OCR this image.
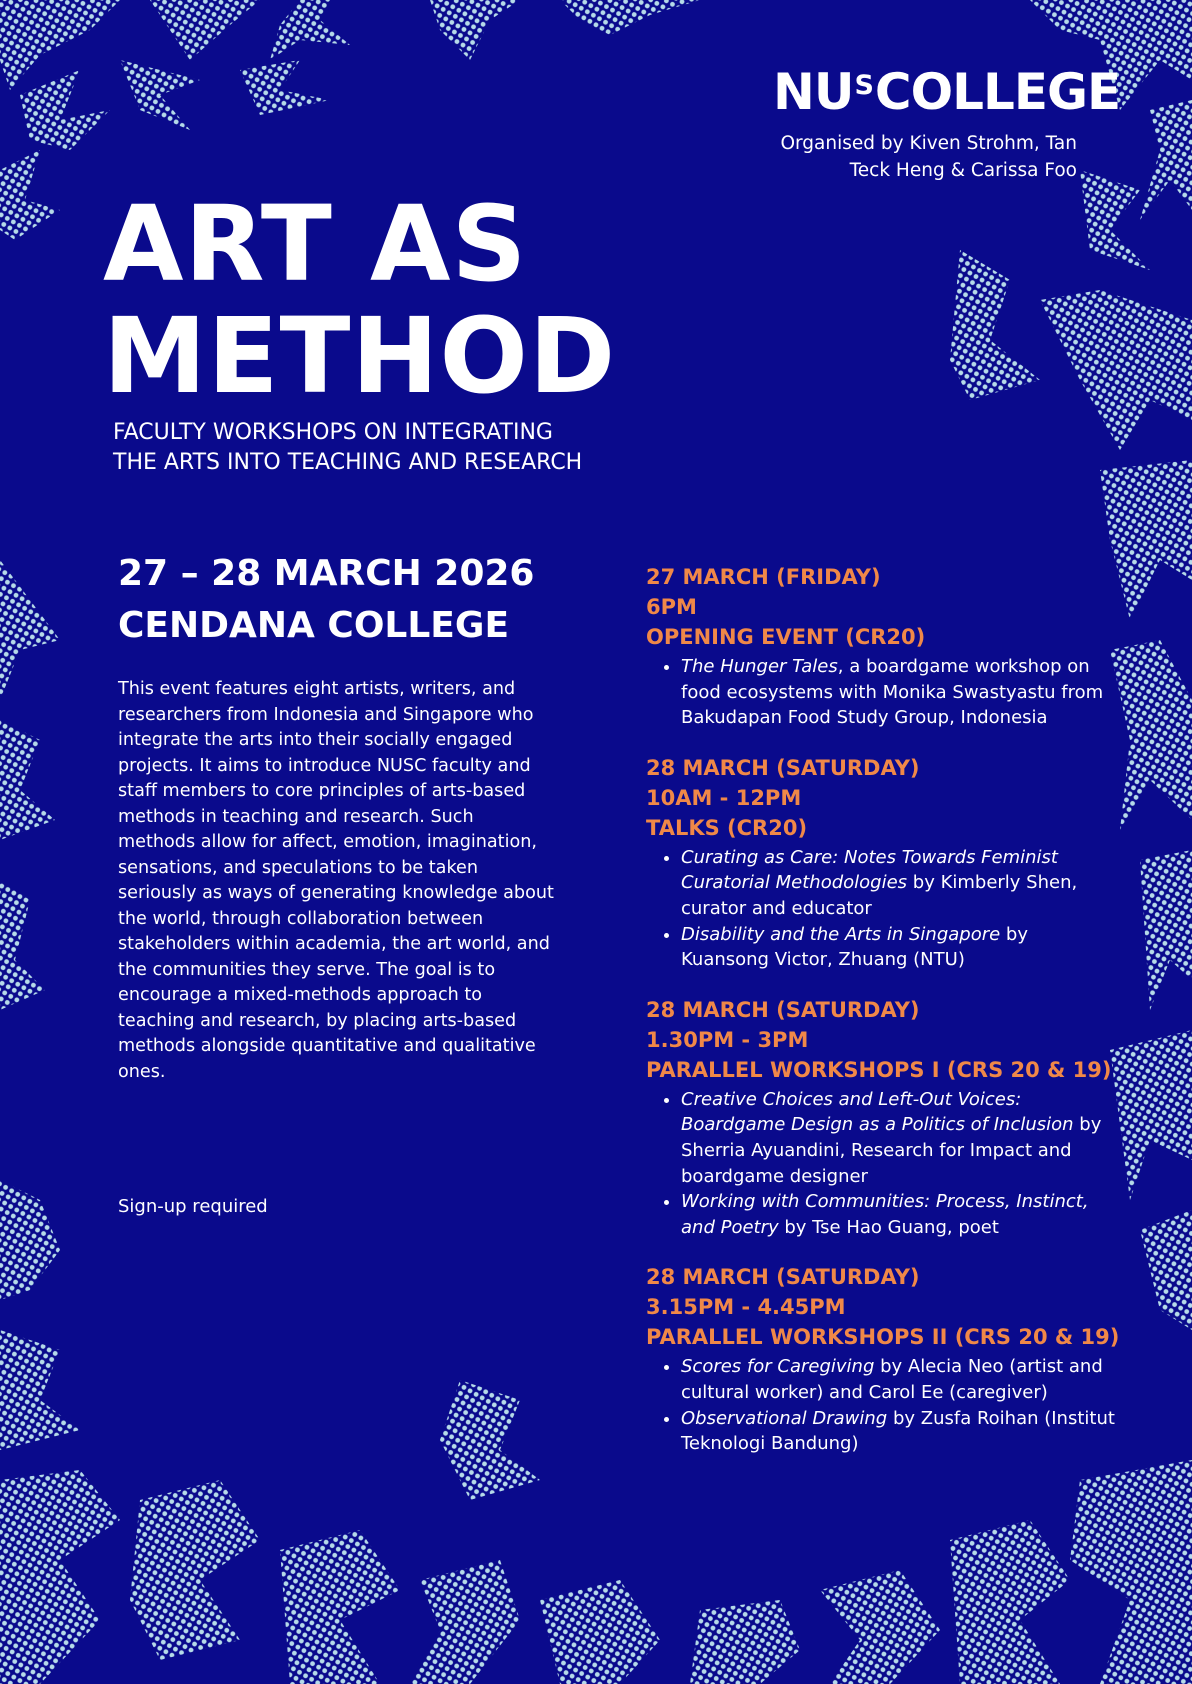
$NU^SCOLLEGE$
Organised by Kiven Strohm, Tan Teck Heng & Carissa Foo
ART AS
METHOD
FACULTY WORKSHOPS ON INTEGRATING
THE ARTS INTO TEACHING AND RESEARCH
27 – 28 MARCH 2026
CENDANA COLLEGE
This event features eight artists, writers, and researchers from Indonesia and Singapore who integrate the arts into their socially engaged projects. It aims to introduce NUSC faculty and staff members to core principles of arts-based methods in teaching and research. Such methods allow for affect, emotion, imagination, sensations, and speculations to be taken seriously as ways of generating knowledge about the world, through collaboration between stakeholders within academia, the art world, and the communities they serve. The goal is to encourage a mixed-methods approach to teaching and research, by placing arts-based methods alongside quantitative and qualitative ones.
Sign-up required
27 MARCH (FRIDAY)
6PM
OPENING EVENT (CR20)
• The Hunger Tales, a boardgame workshop on food ecosystems with Monika Swastyastu from Bakudapan Food Study Group, Indonesia
28 MARCH (SATURDAY)
10AM - 12PM
TALKS (CR20)
• Curating as Care: Notes Towards Feminist Curatorial Methodologies by Kimberly Shen, curator and educator
• Disability and the Arts in Singapore by Kuansong Victor, Zhuang (NTU)
28 MARCH (SATURDAY)
1.30PM - 3PM
PARALLEL WORKSHOPS I (CRS 20 & 19)
• Creative Choices and Left-Out Voices: Boardgame Design as a Politics of Inclusion by Sherria Ayuandini, Research for Impact and boardgame designer
• Working with Communities: Process, Instinct, and Poetry by Tse Hao Guang, poet
28 MARCH (SATURDAY)
3.15PM - 4.45PM
PARALLEL WORKSHOPS II (CRS 20 & 19)
• Scores for Caregiving by Alecia Neo (artist and cultural worker) and Carol Ee (caregiver)
• Observational Drawing by Zusfa Roihan (Institut Teknologi Bandung)
